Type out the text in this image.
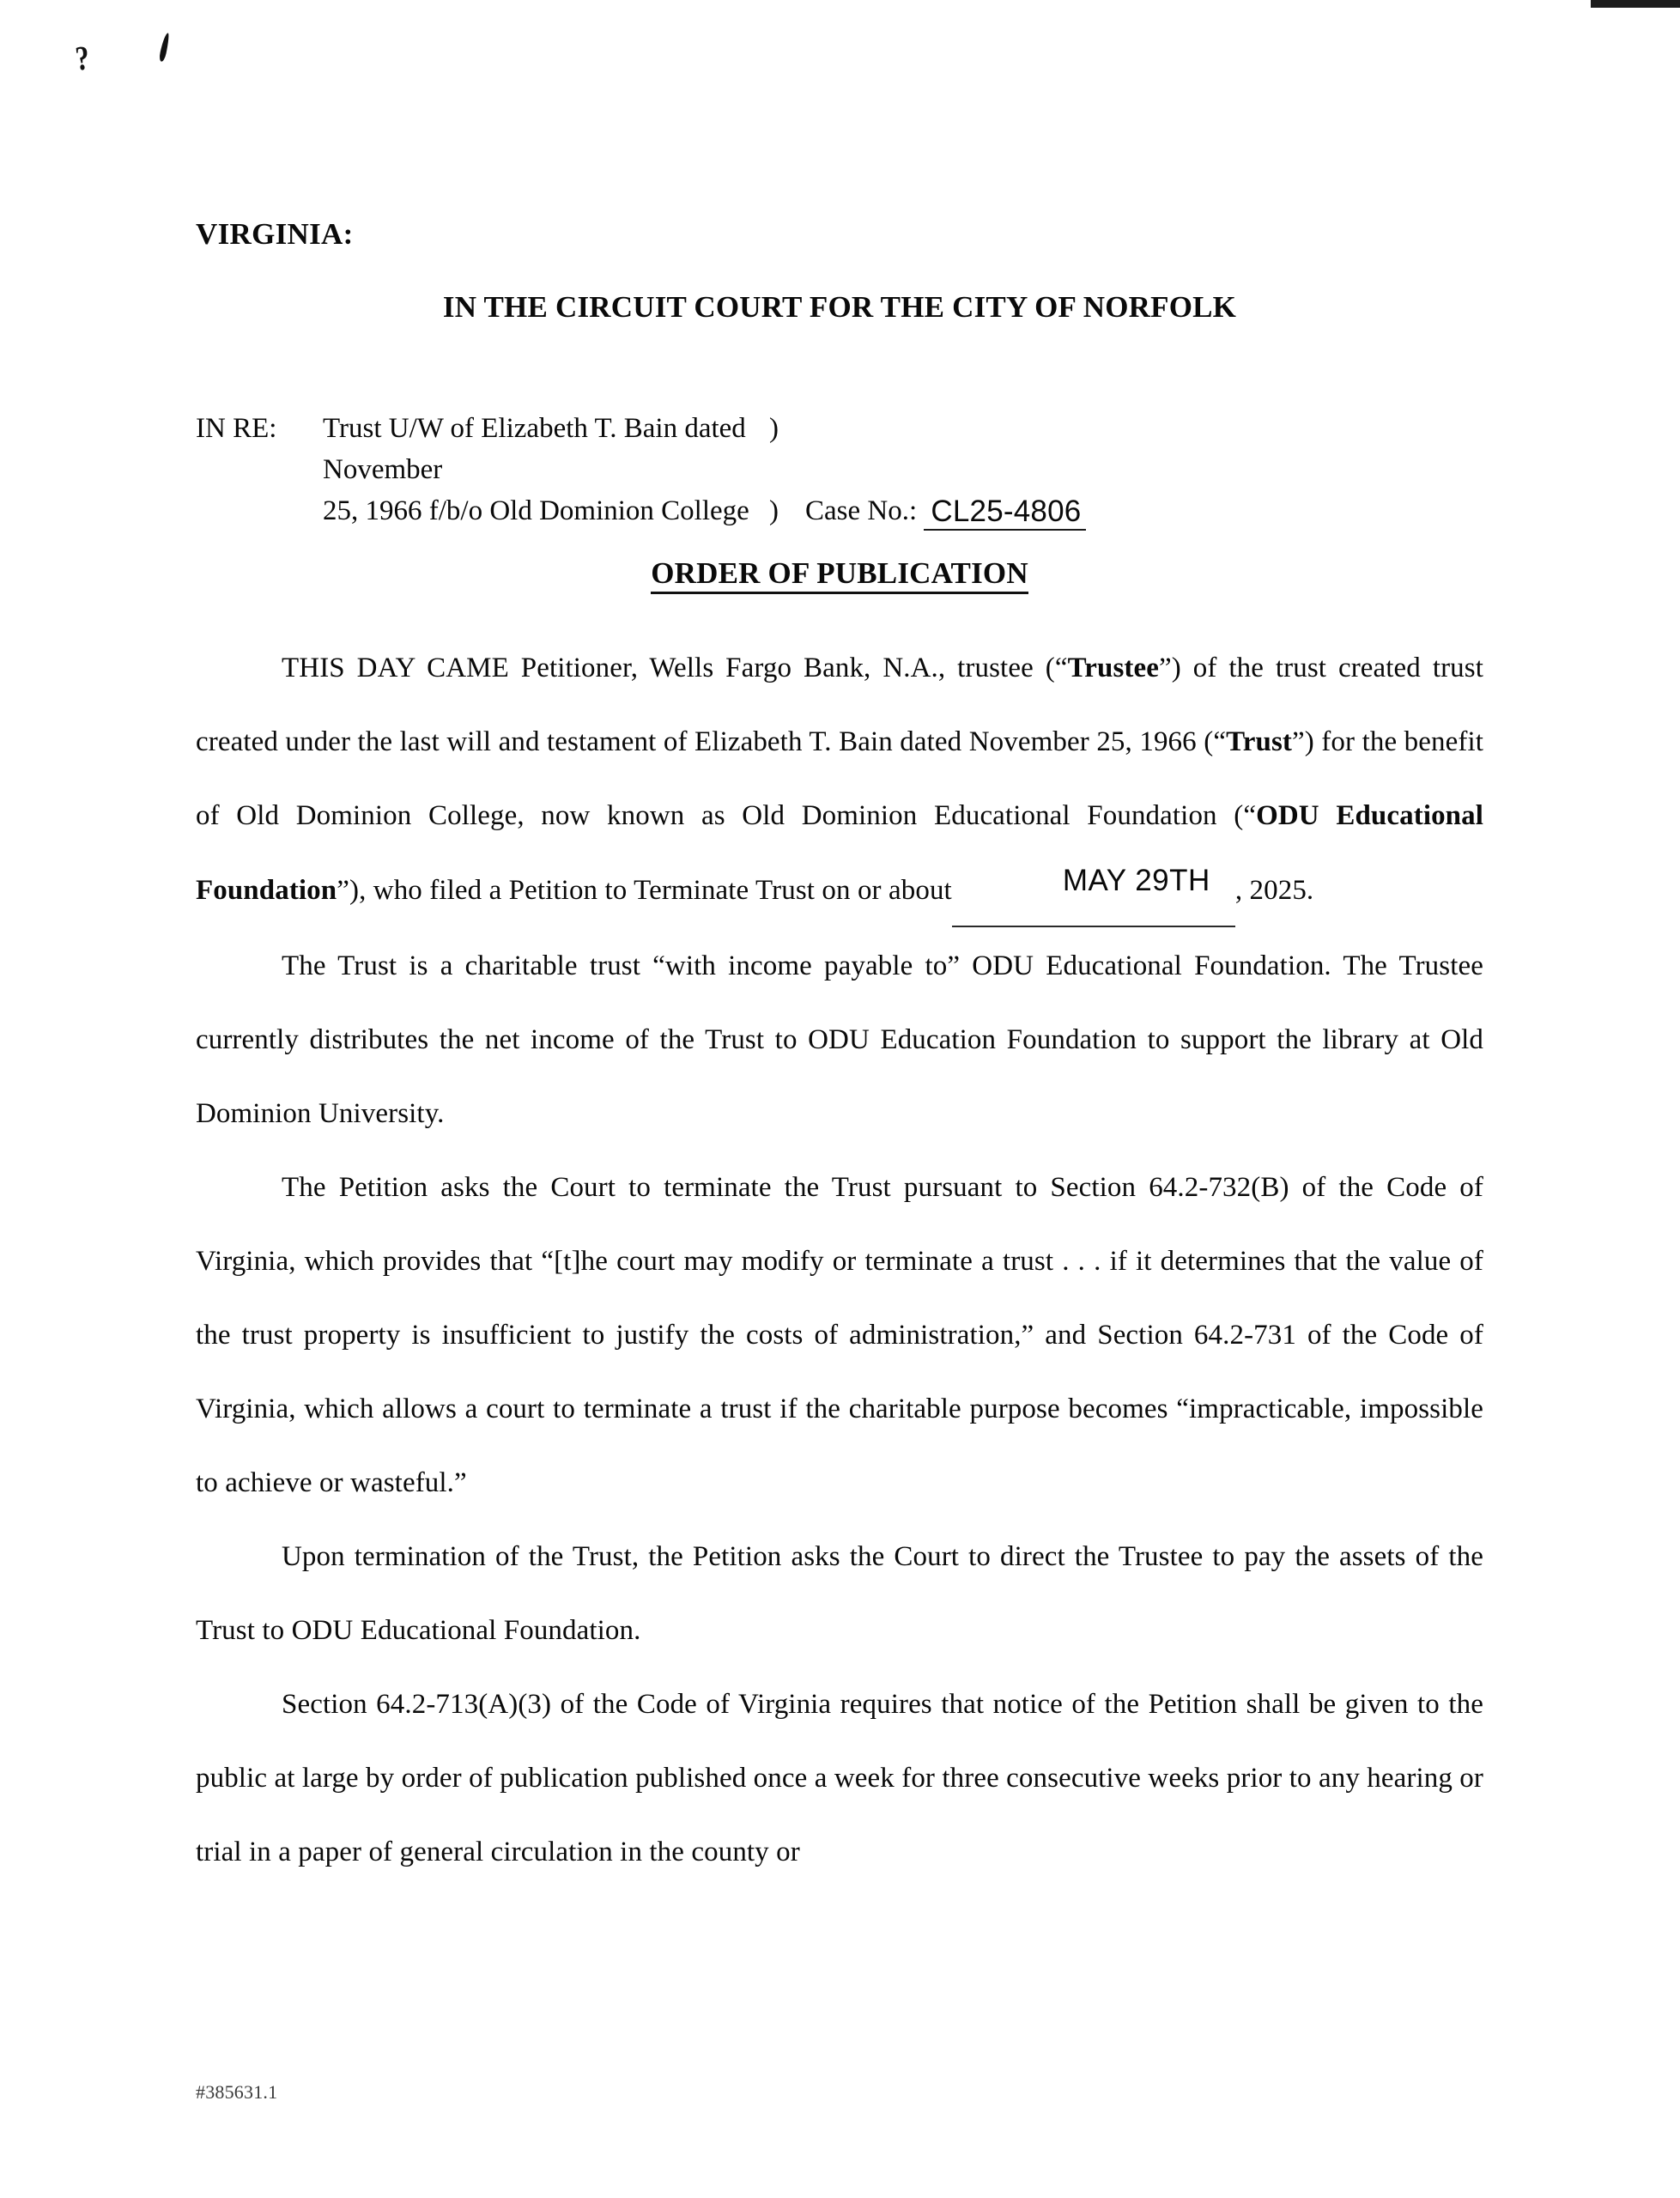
?
VIRGINIA:
IN THE CIRCUIT COURT FOR THE CITY OF NORFOLK
IN RE:	Trust U/W of Elizabeth T. Bain dated November
)
25, 1966 f/b/o Old Dominion College ) Case No.: CL25-4806
ORDER OF PUBLICATION

THIS DAY CAME Petitioner, Wells Fargo Bank, N.A., trustee (“Trustee”) of the trust created trust created under the last will and testament of Elizabeth T. Bain dated November 25, 1966 (“Trust”) for the benefit of Old Dominion College, now known as Old Dominion Educational Foundation (“ODU Educational Foundation”), who filed a Petition to Terminate Trust on or about	MAY 29TH , 2025.

The Trust is a charitable trust “with income payable to” ODU Educational Foundation. The Trustee currently distributes the net income of the Trust to ODU Education Foundation to support the library at Old Dominion University.

The Petition asks the Court to terminate the Trust pursuant to Section 64.2-732(B) of the Code of Virginia, which provides that “[t]he court may modify or terminate a trust . . . if it determines that the value of the trust property is insufficient to justify the costs of administration,” and Section 64.2-731 of the Code of Virginia, which allows a court to terminate a trust if the charitable purpose becomes “impracticable, impossible to achieve or wasteful.”

Upon termination of the Trust, the Petition asks the Court to direct the Trustee to pay the assets of the Trust to ODU Educational Foundation.

Section 64.2-713(A)(3) of the Code of Virginia requires that notice of the Petition shall be given to the public at large by order of publication published once a week for three consecutive weeks prior to any hearing or trial in a paper of general circulation in the county or

#385631.1
